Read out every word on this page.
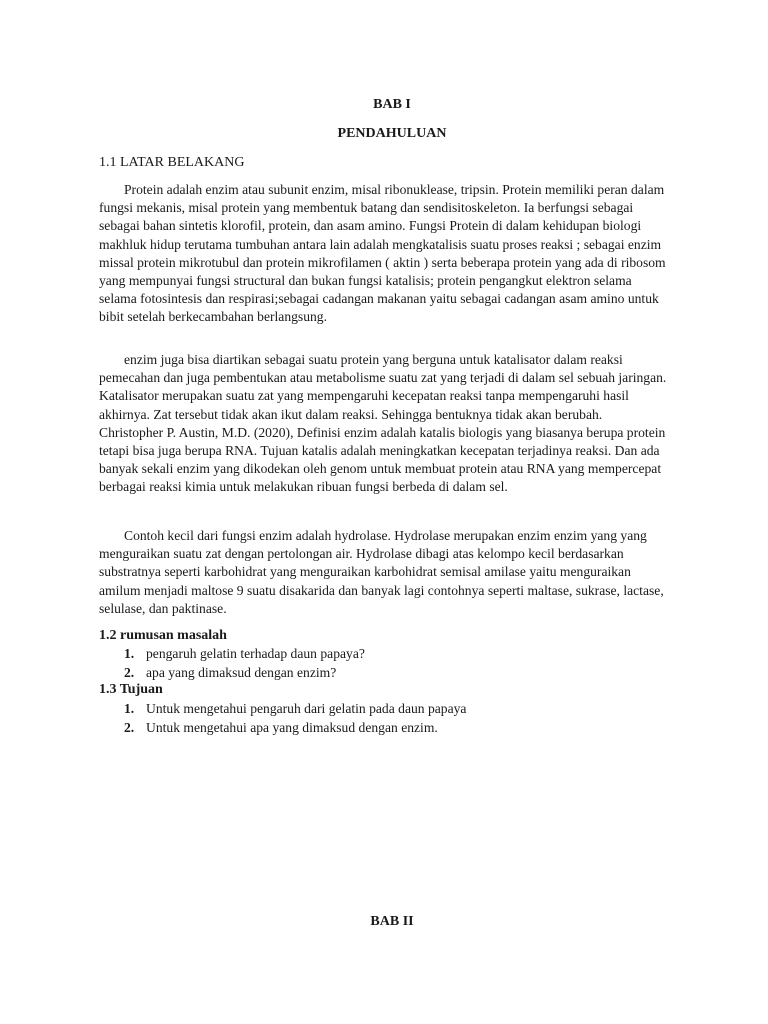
BAB I
PENDAHULUAN
1.1 LATAR BELAKANG

Protein adalah enzim atau subunit enzim, misal ribonuklease, tripsin. Protein memiliki peran dalam fungsi mekanis, misal protein yang membentuk batang dan sendisitoskeleton. Ia berfungsi sebagai sebagai bahan sintetis klorofil, protein, dan asam amino. Fungsi Protein di dalam kehidupan biologi makhluk hidup terutama tumbuhan antara lain adalah mengkatalisis suatu proses reaksi ; sebagai enzim missal protein mikrotubul dan protein mikrofilamen ( aktin ) serta beberapa protein yang ada di ribosom yang mempunyai fungsi structural dan bukan fungsi katalisis; protein pengangkut elektron selama selama fotosintesis dan respirasi;sebagai cadangan makanan yaitu sebagai cadangan asam amino untuk bibit setelah berkecambahan berlangsung.

enzim juga bisa diartikan sebagai suatu protein yang berguna untuk katalisator dalam reaksi pemecahan dan juga pembentukan atau metabolisme suatu zat yang terjadi di dalam sel sebuah jaringan. Katalisator merupakan suatu zat yang mempengaruhi kecepatan reaksi tanpa mempengaruhi hasil akhirnya. Zat tersebut tidak akan ikut dalam reaksi. Sehingga bentuknya tidak akan berubah. Christopher P. Austin, M.D. (2020), Definisi enzim adalah katalis biologis yang biasanya berupa protein tetapi bisa juga berupa RNA. Tujuan katalis adalah meningkatkan kecepatan terjadinya reaksi. Dan ada banyak sekali enzim yang dikodekan oleh genom untuk membuat protein atau RNA yang mempercepat berbagai reaksi kimia untuk melakukan ribuan fungsi berbeda di dalam sel.

Contoh kecil dari fungsi enzim adalah hydrolase. Hydrolase merupakan enzim enzim yang yang menguraikan suatu zat dengan pertolongan air. Hydrolase dibagi atas kelompo kecil berdasarkan substratnya seperti karbohidrat yang menguraikan karbohidrat semisal amilase yaitu menguraikan amilum menjadi maltose 9 suatu disakarida dan banyak lagi contohnya seperti maltase, sukrase, lactase, selulase, dan paktinase.

1.2 rumusan masalah
1. pengaruh gelatin terhadap daun papaya?
2. apa yang dimaksud dengan enzim?
1.3 Tujuan
1. Untuk mengetahui pengaruh dari gelatin pada daun papaya
2. Untuk mengetahui apa yang dimaksud dengan enzim.
BAB II
